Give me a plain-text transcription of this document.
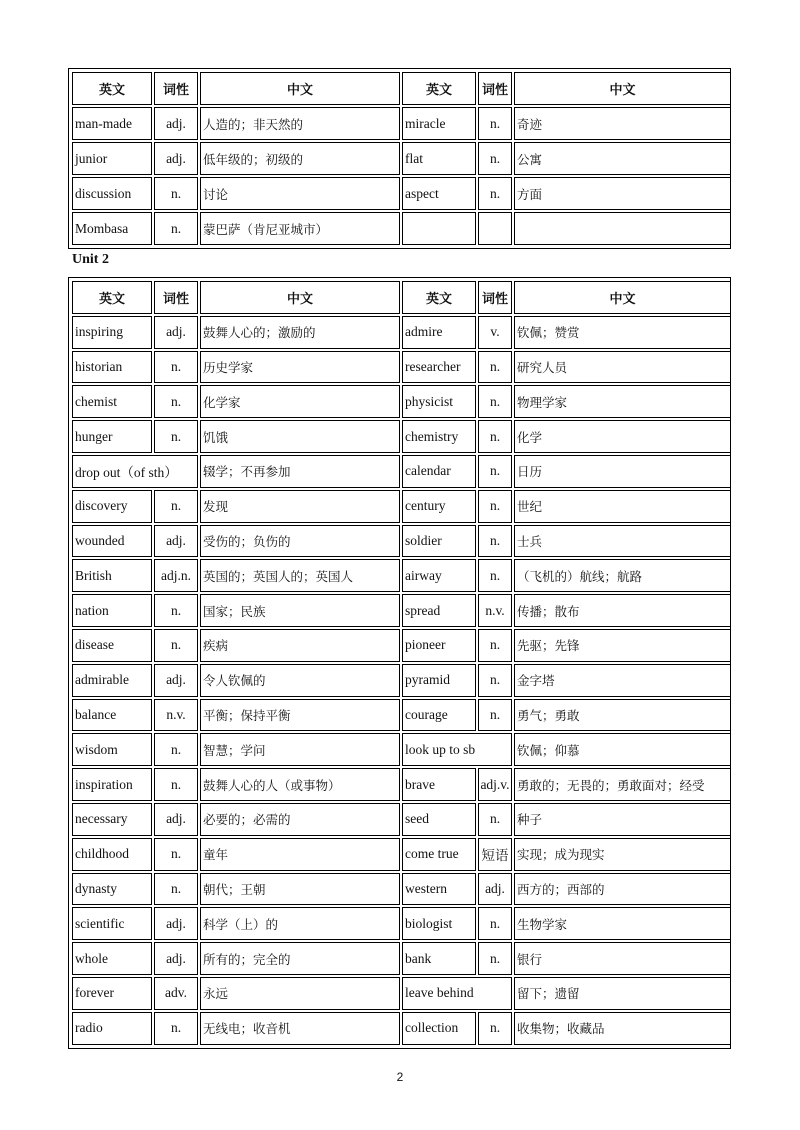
英文	词性	中文	英文	词性	中文
man-made	adj.	人造的；非天然的	miracle	n.	奇迹
junior	adj.	低年级的；初级的	flat	n.	公寓
discussion	n.	讨论	aspect	n.	方面
Mombasa	n.	蒙巴萨（肯尼亚城市）			
Unit 2
英文	词性	中文	英文	词性	中文
inspiring	adj.	鼓舞人心的；激励的	admire	v.	钦佩；赞赏
historian	n.	历史学家	researcher	n.	研究人员
chemist	n.	化学家	physicist	n.	物理学家
hunger	n.	饥饿	chemistry	n.	化学
drop out（of sth）		辍学；不再参加	calendar	n.	日历
discovery	n.	发现	century	n.	世纪
wounded	adj.	受伤的；负伤的	soldier	n.	士兵
British	adj.n.	英国的；英国人的；英国人	airway	n.	（飞机的）航线；航路
nation	n.	国家；民族	spread	n.v.	传播；散布
disease	n.	疾病	pioneer	n.	先驱；先锋
admirable	adj.	令人钦佩的	pyramid	n.	金字塔
balance	n.v.	平衡；保持平衡	courage	n.	勇气；勇敢
wisdom	n.	智慧；学问	look up to sb		钦佩；仰慕
inspiration	n.	鼓舞人心的人（或事物）	brave	adj.v.	勇敢的；无畏的；勇敢面对；经受
necessary	adj.	必要的；必需的	seed	n.	种子
childhood	n.	童年	come true	短语	实现；成为现实
dynasty	n.	朝代；王朝	western	adj.	西方的；西部的
scientific	adj.	科学（上）的	biologist	n.	生物学家
whole	adj.	所有的；完全的	bank	n.	银行
forever	adv.	永远	leave behind		留下；遗留
radio	n.	无线电；收音机	collection	n.	收集物；收藏品
2
